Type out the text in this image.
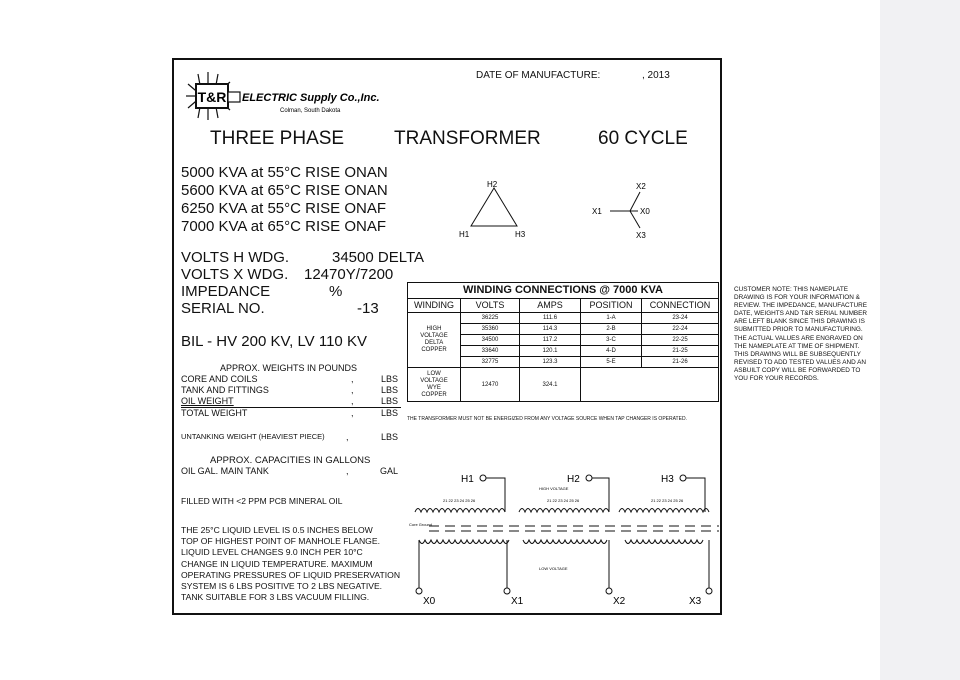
T&R ELECTRIC Supply Co.,Inc.
Colman, South Dakota
DATE OF MANUFACTURE:	, 2013
THREE PHASE	TRANSFORMER	60 CYCLE
5000 KVA at 55°C RISE ONAN
5600 KVA at 65°C RISE ONAN
6250 KVA at 55°C RISE ONAF
7000 KVA at 65°C RISE ONAF
H2
H1	H3
X2
X1	X0
X3
VOLTS H WDG.	34500 DELTA
VOLTS X WDG. 12470Y/7200
IMPEDANCE	%
SERIAL NO.	-13
BIL - HV 200 KV, LV 110 KV
APPROX. WEIGHTS IN POUNDS
CORE AND COILS	,	LBS
TANK AND FITTINGS	,	LBS
OIL WEIGHT	,	LBS
TOTAL WEIGHT	,	LBS
UNTANKING WEIGHT (HEAVIEST PIECE) ,	LBS
APPROX. CAPACITIES IN GALLONS
OIL GAL. MAIN TANK	,	GAL
FILLED WITH <2 PPM PCB MINERAL OIL
THE 25°C LIQUID LEVEL IS 0.5 INCHES BELOW
TOP OF HIGHEST POINT OF MANHOLE FLANGE.
LIQUID LEVEL CHANGES 9.0 INCH PER 10°C
CHANGE IN LIQUID TEMPERATURE. MAXIMUM
OPERATING PRESSURES OF LIQUID PRESERVATION
SYSTEM IS 6 LBS POSITIVE TO 2 LBS NEGATIVE.
TANK SUITABLE FOR 3 LBS VACUUM FILLING.
WINDING CONNECTIONS @ 7000 KVA				
WINDING	VOLTS	AMPS	POSITION	CONNECTION
HIGH VOLTAGE DELTA COPPER	36225	111.6	1-A	23-24
	35360	114.3	2-B	22-24
	34500	117.2	3-C	22-25
	33640	120.1	4-D	21-25
	32775	123.3	5-E	21-26
LOW VOLTAGE WYE COPPER	12470	324.1		
THE TRANSFORMER MUST NOT BE ENERGIZED FROM ANY VOLTAGE SOURCE WHEN TAP CHANGER IS OPERATED.
H1	H2	H3
21 22 23 24 25 26	21 22 23 24 25 26	21 22 23 24 25 26
HIGH VOLTAGE
LOW VOLTAGE
Core Ground
X0	X1	X2	X3
CUSTOMER NOTE: THIS NAMEPLATE DRAWING IS FOR YOUR INFORMATION & REVIEW. THE IMPEDANCE, MANUFACTURE DATE, WEIGHTS AND T&R SERIAL NUMBER ARE LEFT BLANK SINCE THIS DRAWING IS SUBMITTED PRIOR TO MANUFACTURING. THE ACTUAL VALUES ARE ENGRAVED ON THE NAMEPLATE AT TIME OF SHIPMENT. THIS DRAWING WILL BE SUBSEQUENTLY REVISED TO ADD TESTED VALUES AND AN ASBUILT COPY WILL BE FORWARDED TO YOU FOR YOUR RECORDS.
